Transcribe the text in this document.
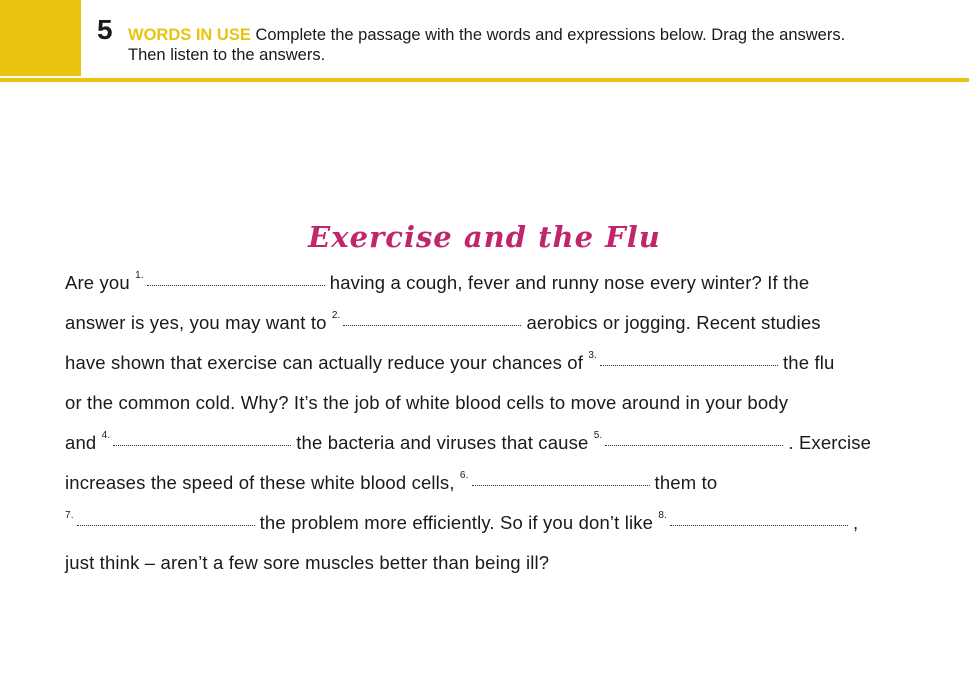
5 WORDS IN USE Complete the passage with the words and expressions below. Drag the answers.
Then listen to the answers.
Exercise and the Flu
Are you $^{1.}$	having a cough, fever and runny nose every winter? If the
answer is yes, you may want to $^{2.}$	aerobics or jogging. Recent studies
have shown that exercise can actually reduce your chances of $^{3.}$	the flu
or the common cold. Why? It’s the job of white blood cells to move around in your body
and $^{4.}$	the bacteria and viruses that cause $^{5.}$	. Exercise
increases the speed of these white blood cells, $^{6.}$	them to
$^{7.}$	the problem more efficiently. So if you don’t like $^{8.}$	,
just think – aren’t a few sore muscles better than being ill?
